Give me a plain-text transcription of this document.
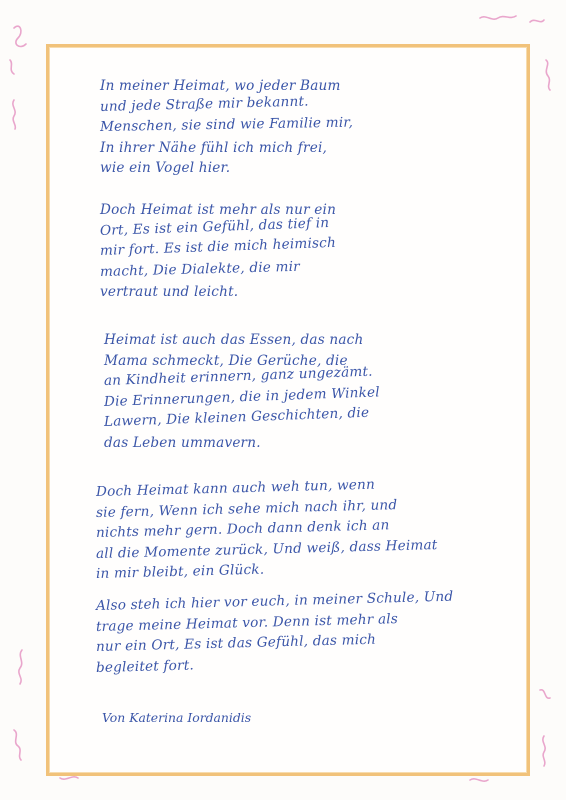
In meiner Heimat, wo jeder Baum
und jede Straße mir bekannt.
Menschen, sie sind wie Familie mir,
In ihrer Nähe fühl ich mich frei,
wie ein Vogel hier.
Doch Heimat ist mehr als nur ein
Ort, Es ist ein Gefühl, das tief in
mir fort. Es ist die mich heimisch
macht, Die Dialekte, die mir
vertraut und leicht.
Heimat ist auch das Essen, das nach
Mama schmeckt, Die Gerüche, die
an Kindheit erinnern, ganz ungezämt.
Die Erinnerungen, die in jedem Winkel
Lawern, Die kleinen Geschichten, die
das Leben ummavern.
Doch Heimat kann auch weh tun, wenn
sie fern, Wenn ich sehe mich nach ihr, und
nichts mehr gern. Doch dann denk ich an
all die Momente zurück, Und weiß, dass Heimat
in mir bleibt, ein Glück.
Also steh ich hier vor euch, in meiner Schule, Und
trage meine Heimat vor. Denn ist mehr als
nur ein Ort, Es ist das Gefühl, das mich
begleitet fort.
Von Katerina Iordanidis
